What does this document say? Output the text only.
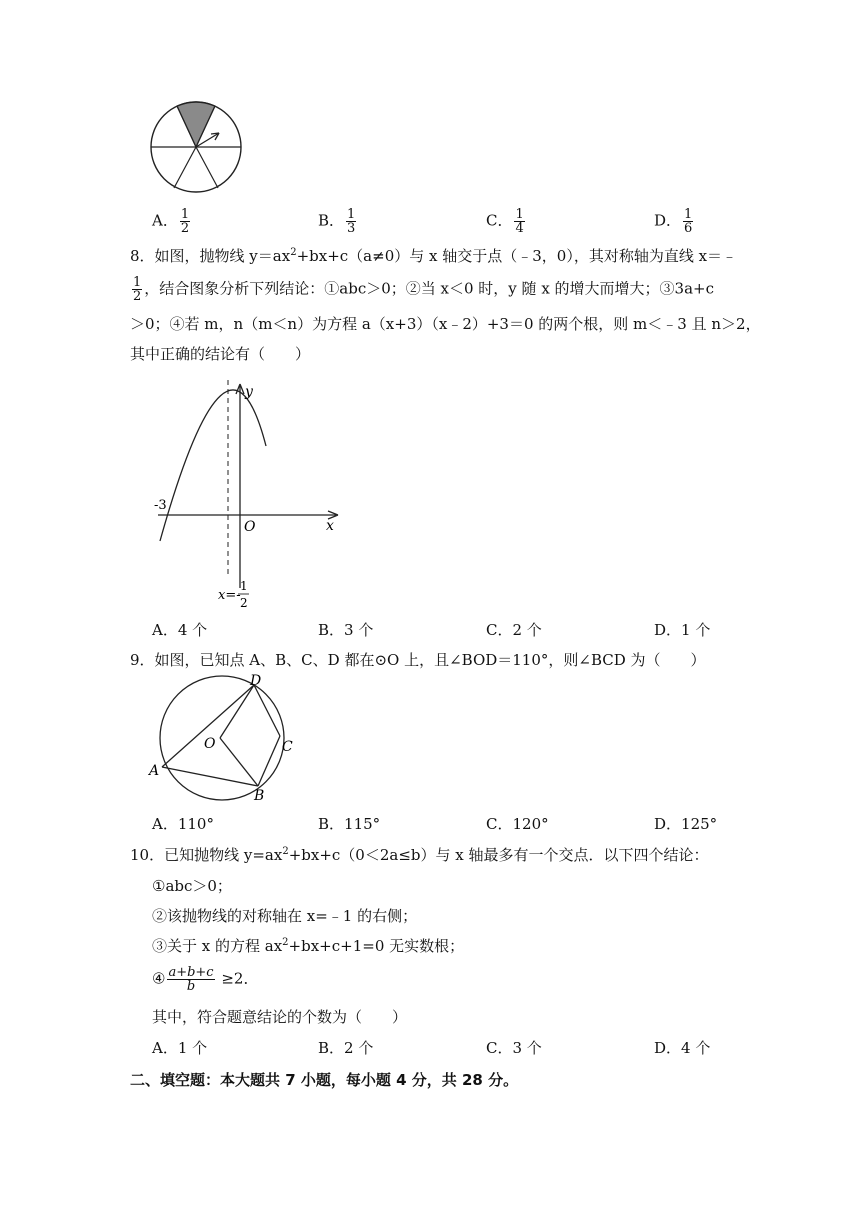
A． $\frac{1}{2}$	B． $\frac{1}{3}$	C． $\frac{1}{4}$	D． $\frac{1}{6}$
8．如图，抛物线 $y=ax^2+bx+c(a\ne 0)$与 x 轴交于点（﹣3，0），其对称轴为直线 x＝﹣
$\frac{1}{2}$ ，结合图象分析下列结论：①abc＞0；②当 x＜0 时，y 随 x 的增大而增大；③3a+c
＞0；④若 m，n（m＜n）为方程 a（x+3）（x﹣2）+3＝0 的两个根，则 m＜﹣3 且 n＞2，
其中正确的结论有（　　）
y
x
O
-3
x=-
1
2
A．4 个	B．3 个	C．2 个	D．1 个
9．如图，已知点 A、B、C、D 都在⊙O 上，且∠BOD＝110°，则∠BCD 为（　　）
D
O	C
A
B
A．110°	B．115°	C．120°	D．125°
10．已知抛物线 $y=ax^2+bx+c(0<2a\le b)$与 x 轴最多有一个交点．以下四个结论：
①abc＞0；
②该抛物线的对称轴在 x=﹣1 的右侧；
③关于 x 的方程 $ax^2+bx+c+1=0$ 无实数根；
④ $\frac{a+b+c}{b} \ge 2$．
其中，符合题意结论的个数为（　　）
A．1 个	B．2 个	C．3 个	D．4 个
二、填空题：本大题共 7 小题，每小题 4 分，共 28 分。
